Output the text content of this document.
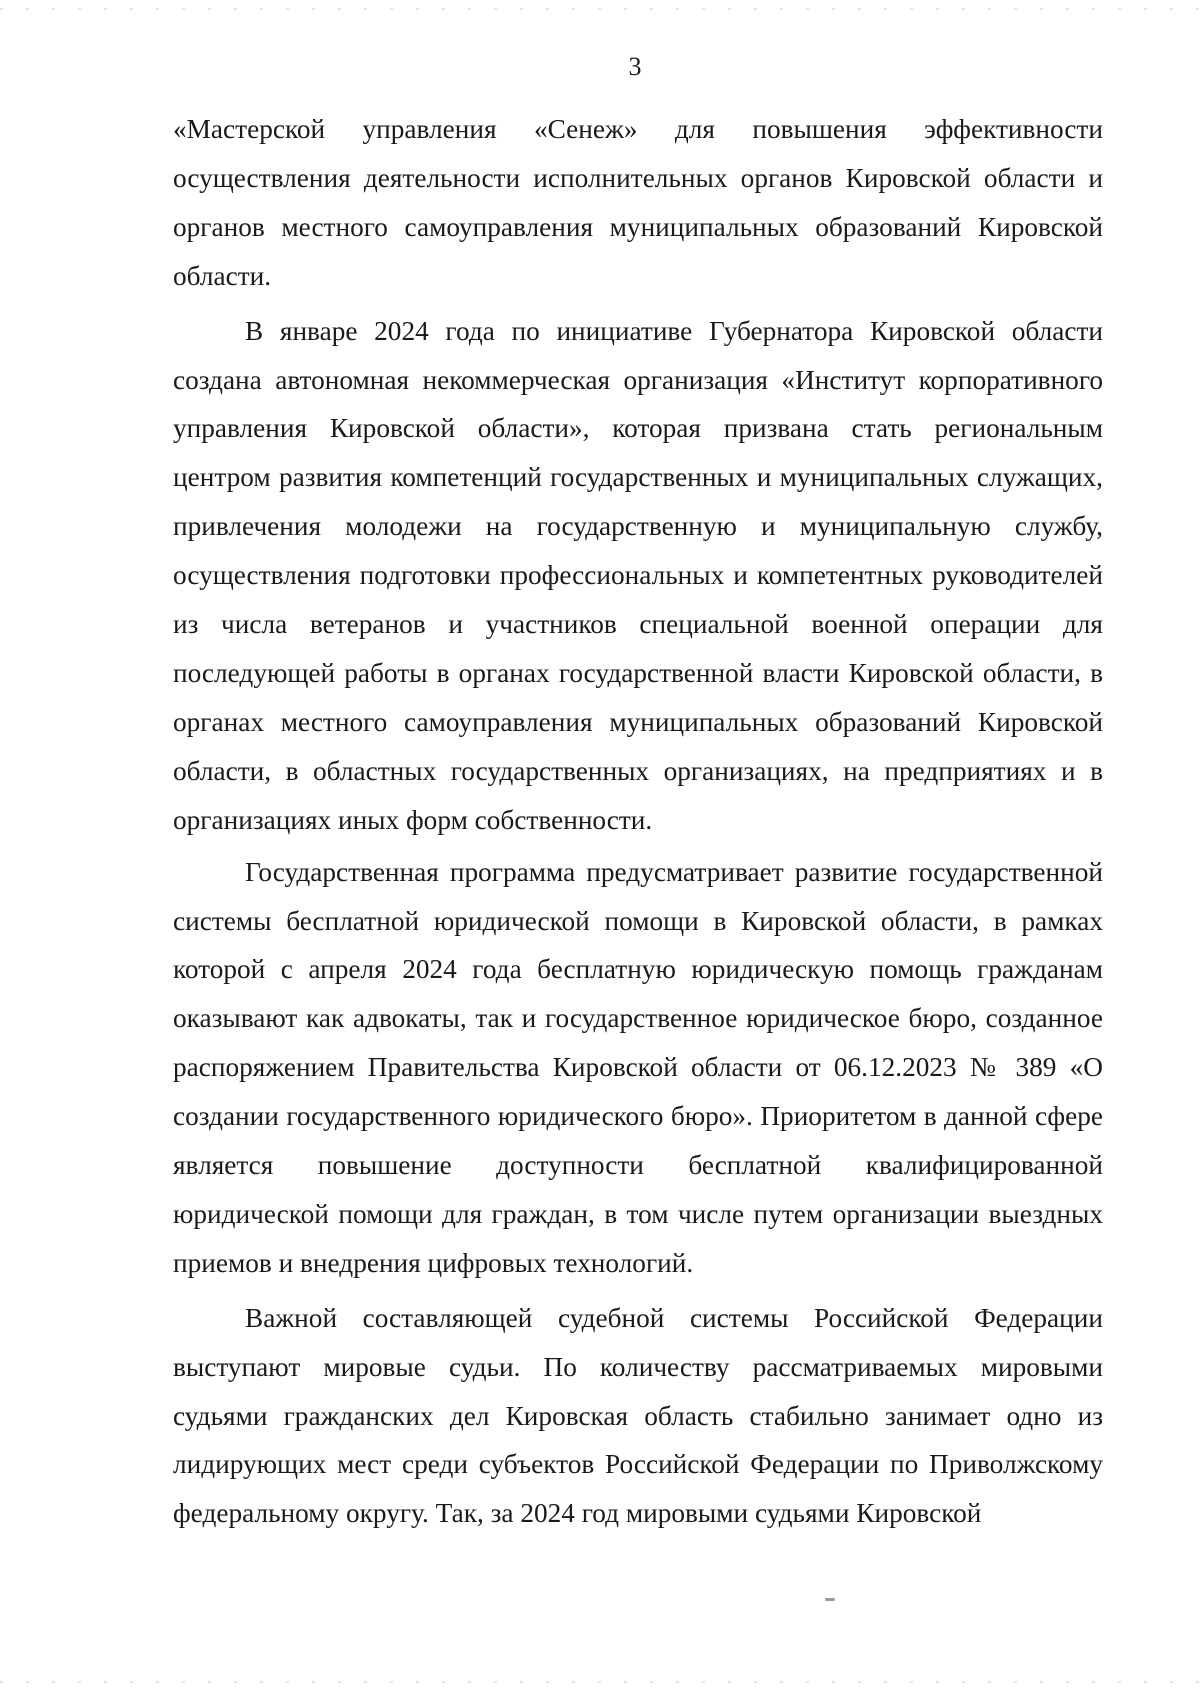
3

«Мастерской управления «Сенеж» для повышения эффективности осуществления деятельности исполнительных органов Кировской области и органов местного самоуправления муниципальных образований Кировской области.

В январе 2024 года по инициативе Губернатора Кировской области создана автономная некоммерческая организация «Институт корпоративного управления Кировской области», которая призвана стать региональным центром развития компетенций государственных и муниципальных служащих, привлечения молодежи на государственную и муниципальную службу, осуществления подготовки профессиональных и компетентных руководителей из числа ветеранов и участников специальной военной операции для последующей работы в органах государственной власти Кировской области, в органах местного самоуправления муниципальных образований Кировской области, в областных государственных организациях, на предприятиях и в организациях иных форм собственности.

Государственная программа предусматривает развитие государственной системы бесплатной юридической помощи в Кировской области, в рамках которой с апреля 2024 года бесплатную юридическую помощь гражданам оказывают как адвокаты, так и государственное юридическое бюро, созданное распоряжением Правительства Кировской области от 06.12.2023 № 389 «О создании государственного юридического бюро». Приоритетом в данной сфере является повышение доступности бесплатной квалифицированной юридической помощи для граждан, в том числе путем организации выездных приемов и внедрения цифровых технологий.

Важной составляющей судебной системы Российской Федерации выступают мировые судьи. По количеству рассматриваемых мировыми судьями гражданских дел Кировская область стабильно занимает одно из лидирующих мест среди субъектов Российской Федерации по Приволжскому федеральному округу. Так, за 2024 год мировыми судьями Кировской
